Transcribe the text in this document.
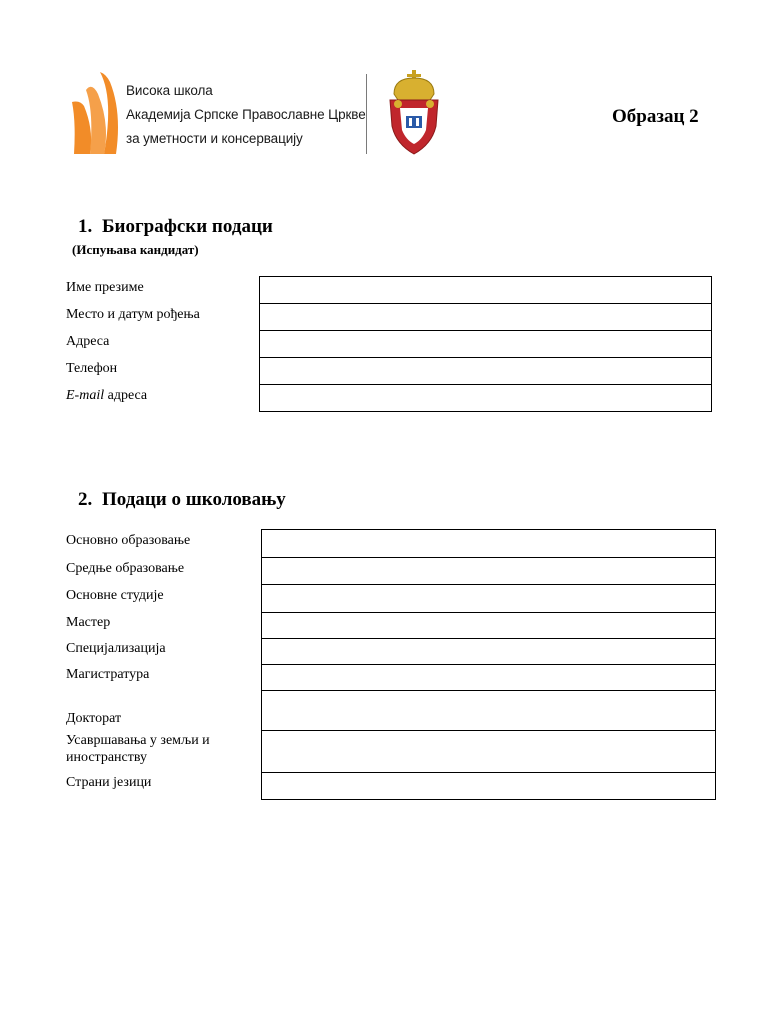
Висока школа
Академија Српске Православне Цркве
за уметности и консервацију
Образац 2
1. Биографски подаци
(Испуњава кандидат)
Име презиме
Место и датум рођења
Адреса
Телефон
E-mail адреса
2. Подаци о школовању
Основно образовање
Средње образовање
Основне студије
Мастер
Специјализација
Магистратура
Докторат
Усавршавања у земљи и
иностранству
Страни језици
